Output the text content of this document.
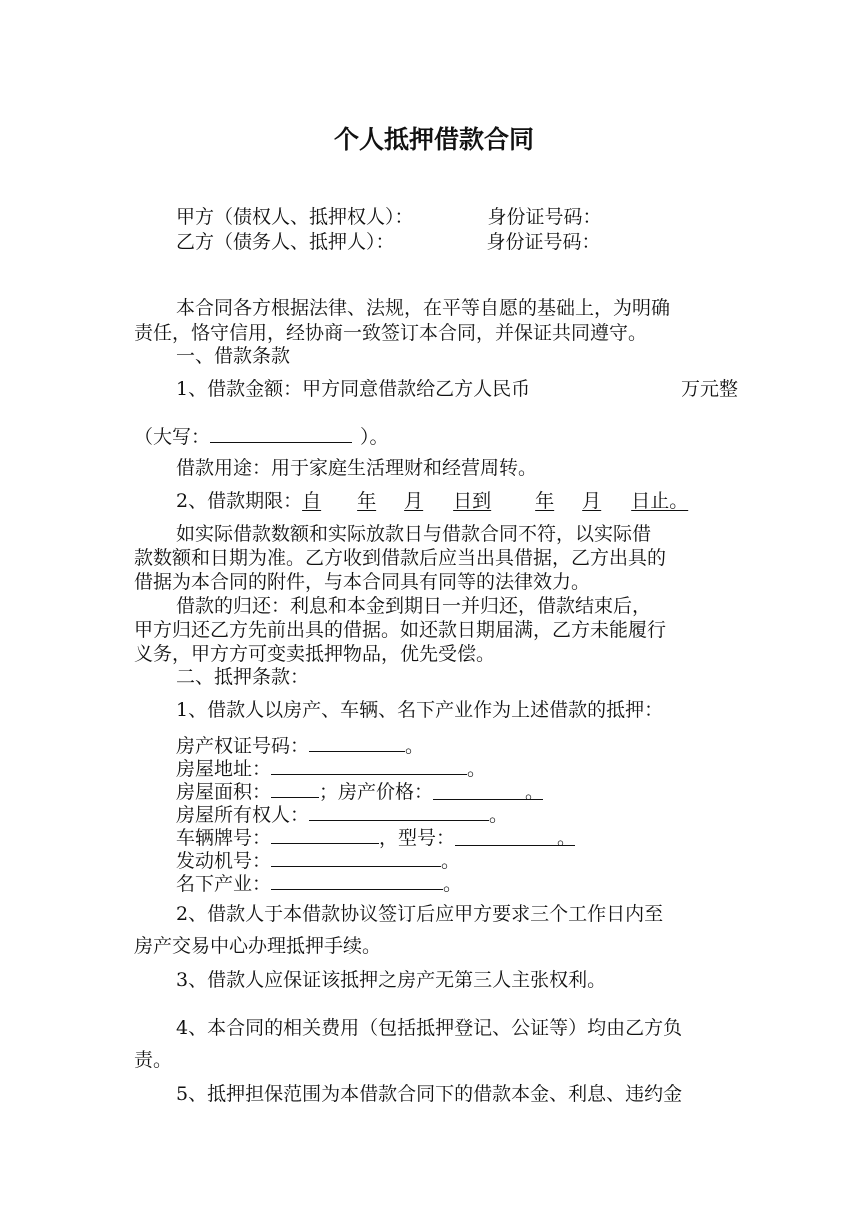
个人抵押借款合同
甲方（债权人、抵押权人）：	身份证号码：
乙方（债务人、抵押人）：	身份证号码：
本合同各方根据法律、法规，在平等自愿的基础上，为明确
责任，恪守信用，经协商一致签订本合同，并保证共同遵守。
一、借款条款
1、借款金额：甲方同意借款给乙方人民币	万元整
（大写：	）。
借款用途：用于家庭生活理财和经营周转。
2、借款期限：自 年 月 日到 年 月 日止。
如实际借款数额和实际放款日与借款合同不符，以实际借
款数额和日期为准。乙方收到借款后应当出具借据，乙方出具的
借据为本合同的附件，与本合同具有同等的法律效力。
借款的归还：利息和本金到期日一并归还，借款结束后，
甲方归还乙方先前出具的借据。如还款日期届满，乙方未能履行
义务，甲方方可变卖抵押物品，优先受偿。
二、抵押条款：
1、借款人以房产、车辆、名下产业作为上述借款的抵押：
房产权证号码：	。
房屋地址：	。
房屋面积：	；房产价格：	。
房屋所有权人：	。
车辆牌号：	，型号：	。
发动机号：	。
名下产业：	。
2、借款人于本借款协议签订后应甲方要求三个工作日内至
房产交易中心办理抵押手续。
3、借款人应保证该抵押之房产无第三人主张权利。
4、本合同的相关费用（包括抵押登记、公证等）均由乙方负
责。
5、抵押担保范围为本借款合同下的借款本金、利息、违约金
